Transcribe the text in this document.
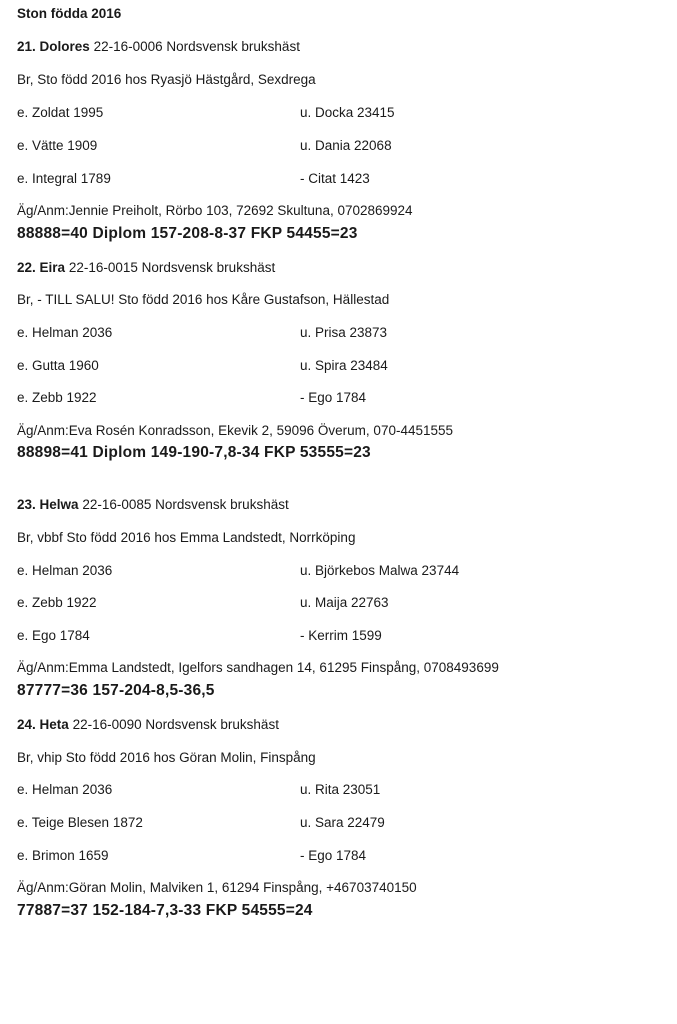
Ston födda 2016
21. Dolores 22-16-0006 Nordsvensk brukshäst
Br, Sto född 2016 hos Ryasjö Hästgård, Sexdrega
e. Zoldat 1995	u. Docka 23415
e. Vätte 1909	u. Dania 22068
e. Integral 1789	- Citat 1423
Äg/Anm:Jennie Preiholt, Rörbo 103, 72692 Skultuna, 0702869924
88888=40 Diplom 157-208-8-37 FKP 54455=23
22. Eira 22-16-0015 Nordsvensk brukshäst
Br, - TILL SALU! Sto född 2016 hos Kåre Gustafson, Hällestad
e. Helman 2036	u. Prisa 23873
e. Gutta 1960	u. Spira 23484
e. Zebb 1922	- Ego 1784
Äg/Anm:Eva Rosén Konradsson, Ekevik 2, 59096 Överum, 070-4451555
88898=41 Diplom 149-190-7,8-34 FKP 53555=23
23. Helwa 22-16-0085 Nordsvensk brukshäst
Br, vbbf Sto född 2016 hos Emma Landstedt, Norrköping
e. Helman 2036	u. Björkebos Malwa 23744
e. Zebb 1922	u. Maija 22763
e. Ego 1784	- Kerrim 1599
Äg/Anm:Emma Landstedt, Igelfors sandhagen 14, 61295 Finspång, 0708493699
87777=36 157-204-8,5-36,5
24. Heta 22-16-0090 Nordsvensk brukshäst
Br, vhip Sto född 2016 hos Göran Molin, Finspång
e. Helman 2036	u. Rita 23051
e. Teige Blesen 1872	u. Sara 22479
e. Brimon 1659	- Ego 1784
Äg/Anm:Göran Molin, Malviken 1, 61294 Finspång, +46703740150
77887=37 152-184-7,3-33 FKP 54555=24
